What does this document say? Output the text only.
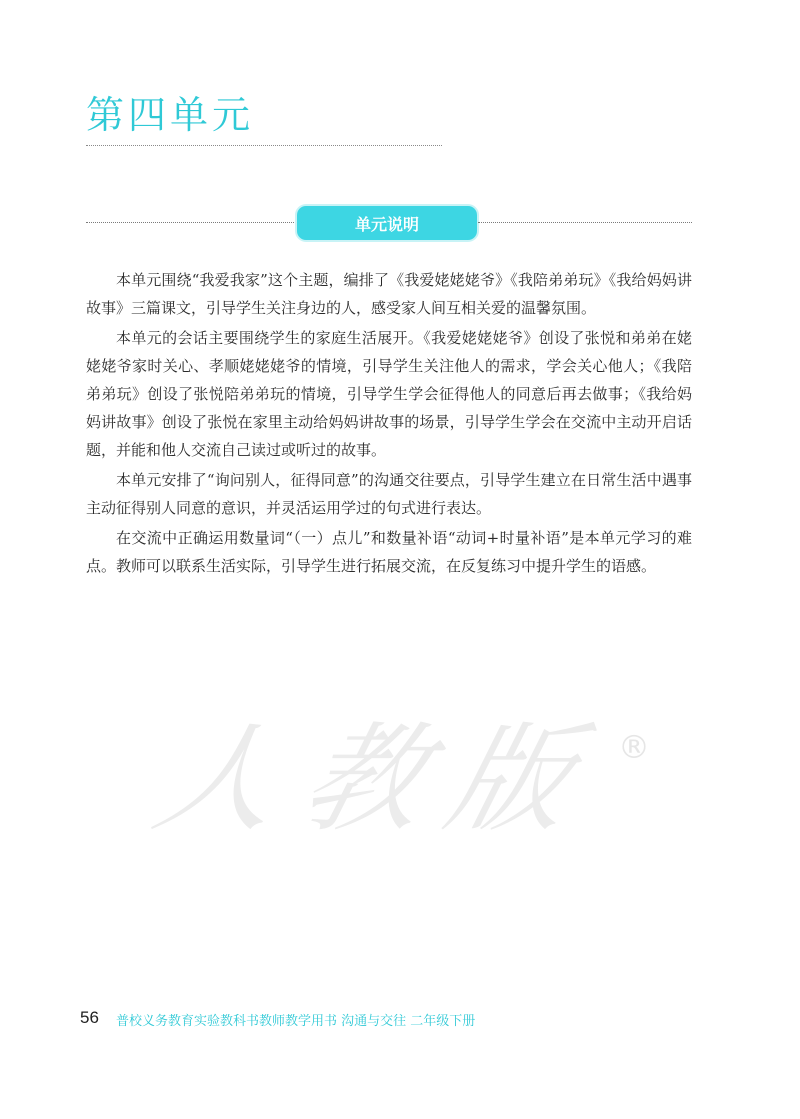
第四单元
单元说明

本单元围绕“我爱我家”这个主题，编排了《我爱姥姥姥爷》《我陪弟弟玩》《我给妈妈讲故事》三篇课文，引导学生关注身边的人，感受家人间互相关爱的温馨氛围。

本单元的会话主要围绕学生的家庭生活展开。《我爱姥姥姥爷》创设了张悦和弟弟在姥姥姥爷家时关心、孝顺姥姥姥爷的情境，引导学生关注他人的需求，学会关心他人；《我陪弟弟玩》创设了张悦陪弟弟玩的情境，引导学生学会征得他人的同意后再去做事；《我给妈妈讲故事》创设了张悦在家里主动给妈妈讲故事的场景，引导学生学会在交流中主动开启话题，并能和他人交流自己读过或听过的故事。

本单元安排了“询问别人，征得同意”的沟通交往要点，引导学生建立在日常生活中遇事主动征得别人同意的意识，并灵活运用学过的句式进行表达。

在交流中正确运用数量词“（一）点儿”和数量补语“动词+时量补语”是本单元学习的难点。教师可以联系生活实际，引导学生进行拓展交流，在反复练习中提升学生的语感。

人教版 ®
56 普校义务教育实验教科书教师教学用书 沟通与交往 二年级下册
